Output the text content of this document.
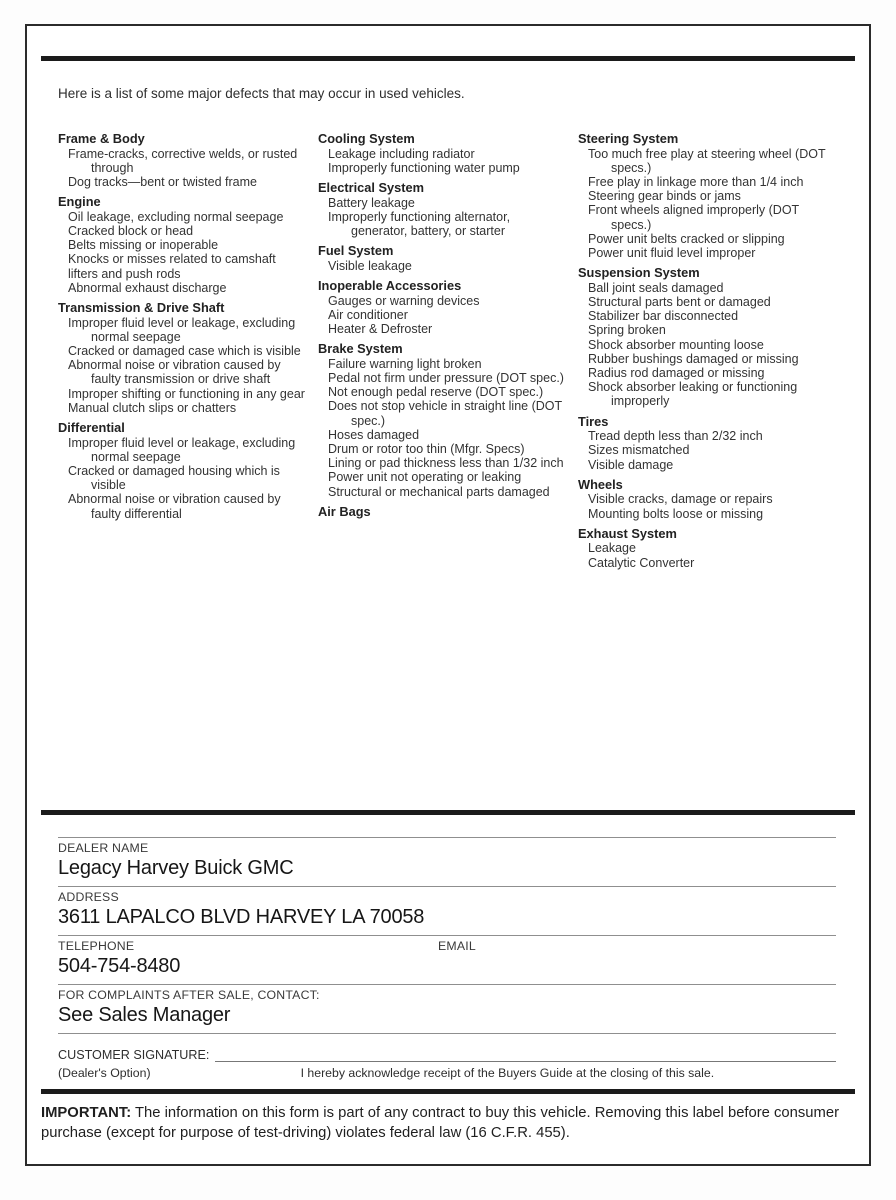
Here is a list of some major defects that may occur in used vehicles.
Frame & Body
Frame-cracks, corrective welds, or rusted through
Dog tracks—bent or twisted frame
Engine
Oil leakage, excluding normal seepage
Cracked block or head
Belts missing or inoperable
Knocks or misses related to camshaft
lifters and push rods
Abnormal exhaust discharge
Transmission & Drive Shaft
Improper fluid level or leakage, excluding normal seepage
Cracked or damaged case which is visible
Abnormal noise or vibration caused by faulty transmission or drive shaft
Improper shifting or functioning in any gear
Manual clutch slips or chatters
Differential
Improper fluid level or leakage, excluding normal seepage
Cracked or damaged housing which is visible
Abnormal noise or vibration caused by faulty differential
Cooling System
Leakage including radiator
Improperly functioning water pump
Electrical System
Battery leakage
Improperly functioning alternator, generator, battery, or starter
Fuel System
Visible leakage
Inoperable Accessories
Gauges or warning devices
Air conditioner
Heater & Defroster
Brake System
Failure warning light broken
Pedal not firm under pressure (DOT spec.)
Not enough pedal reserve (DOT spec.)
Does not stop vehicle in straight line (DOT spec.)
Hoses damaged
Drum or rotor too thin (Mfgr. Specs)
Lining or pad thickness less than 1/32 inch
Power unit not operating or leaking
Structural or mechanical parts damaged
Air Bags
Steering System
Too much free play at steering wheel (DOT specs.)
Free play in linkage more than 1/4 inch
Steering gear binds or jams
Front wheels aligned improperly (DOT specs.)
Power unit belts cracked or slipping
Power unit fluid level improper
Suspension System
Ball joint seals damaged
Structural parts bent or damaged
Stabilizer bar disconnected
Spring broken
Shock absorber mounting loose
Rubber bushings damaged or missing
Radius rod damaged or missing
Shock absorber leaking or functioning improperly
Tires
Tread depth less than 2/32 inch
Sizes mismatched
Visible damage
Wheels
Visible cracks, damage or repairs
Mounting bolts loose or missing
Exhaust System
Leakage
Catalytic Converter
DEALER NAME
Legacy Harvey Buick GMC
ADDRESS
3611 LAPALCO BLVD HARVEY LA 70058
TELEPHONE
504-754-8480
EMAIL
FOR COMPLAINTS AFTER SALE, CONTACT:
See Sales Manager
CUSTOMER SIGNATURE:
(Dealer's Option)	I hereby acknowledge receipt of the Buyers Guide at the closing of this sale.
IMPORTANT: The information on this form is part of any contract to buy this vehicle. Removing this label before consumer purchase (except for purpose of test-driving) violates federal law (16 C.F.R. 455).
